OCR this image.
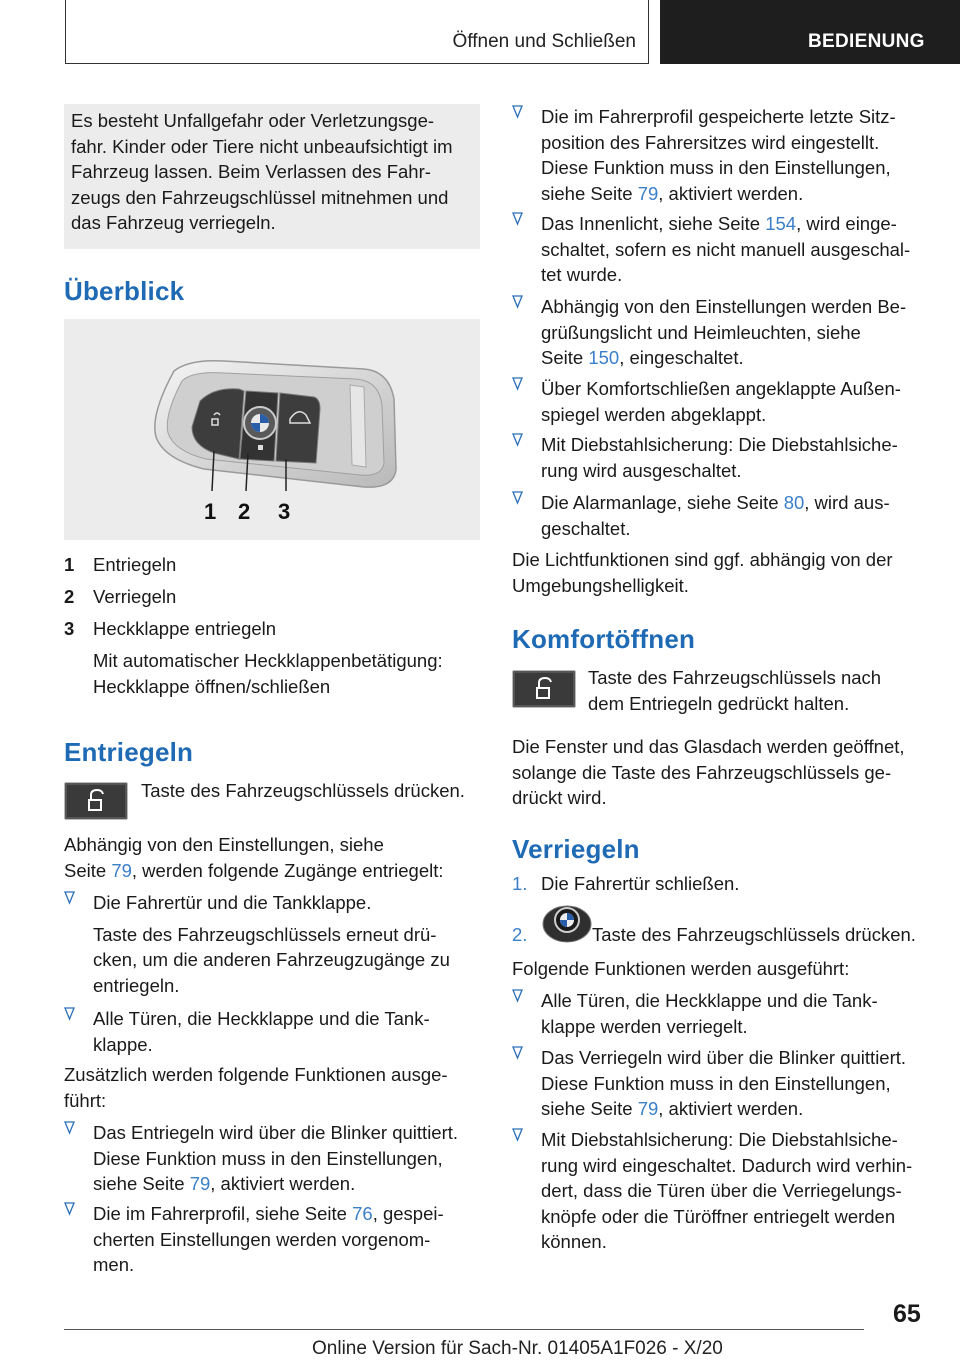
Öffnen und Schließen	BEDIENUNG
Es besteht Unfallgefahr oder Verletzungsge-
fahr. Kinder oder Tiere nicht unbeaufsichtigt im
Fahrzeug lassen. Beim Verlassen des Fahr-
zeugs den Fahrzeugschlüssel mitnehmen und
das Fahrzeug verriegeln.
Überblick
1 2 3
1 Entriegeln
2 Verriegeln
3 Heckklappe entriegeln
Mit automatischer Heckklappenbetätigung:
Heckklappe öffnen/schließen
Entriegeln
Taste des Fahrzeugschlüssels drücken.
Abhängig von den Einstellungen, siehe
Seite 79, werden folgende Zugänge entriegelt:
Die Fahrertür und die Tankklappe.
Taste des Fahrzeugschlüssels erneut drü-
cken, um die anderen Fahrzeugzugänge zu
entriegeln.
Alle Türen, die Heckklappe und die Tank-
klappe.
Zusätzlich werden folgende Funktionen ausge-
führt:
Das Entriegeln wird über die Blinker quittiert.
Diese Funktion muss in den Einstellungen,
siehe Seite 79, aktiviert werden.
Die im Fahrerprofil, siehe Seite 76, gespei-
cherten Einstellungen werden vorgenom-
men.
Die im Fahrerprofil gespeicherte letzte Sitz-
position des Fahrersitzes wird eingestellt.
Diese Funktion muss in den Einstellungen,
siehe Seite 79, aktiviert werden.
Das Innenlicht, siehe Seite 154, wird einge-
schaltet, sofern es nicht manuell ausgeschal-
tet wurde.
Abhängig von den Einstellungen werden Be-
grüßungslicht und Heimleuchten, siehe
Seite 150, eingeschaltet.
Über Komfortschließen angeklappte Außen-
spiegel werden abgeklappt.
Mit Diebstahlsicherung: Die Diebstahlsiche-
rung wird ausgeschaltet.
Die Alarmanlage, siehe Seite 80, wird aus-
geschaltet.
Die Lichtfunktionen sind ggf. abhängig von der
Umgebungshelligkeit.
Komfortöffnen
Taste des Fahrzeugschlüssels nach
dem Entriegeln gedrückt halten.
Die Fenster und das Glasdach werden geöffnet,
solange die Taste des Fahrzeugschlüssels ge-
drückt wird.
Verriegeln
1. Die Fahrertür schließen.
2.	Taste des Fahrzeugschlüssels drücken.
Folgende Funktionen werden ausgeführt:
Alle Türen, die Heckklappe und die Tank-
klappe werden verriegelt.
Das Verriegeln wird über die Blinker quittiert.
Diese Funktion muss in den Einstellungen,
siehe Seite 79, aktiviert werden.
Mit Diebstahlsicherung: Die Diebstahlsiche-
rung wird eingeschaltet. Dadurch wird verhin-
dert, dass die Türen über die Verriegelungs-
knöpfe oder die Türöffner entriegelt werden
können.
65
Online Version für Sach-Nr. 01405A1F026 - X/20
